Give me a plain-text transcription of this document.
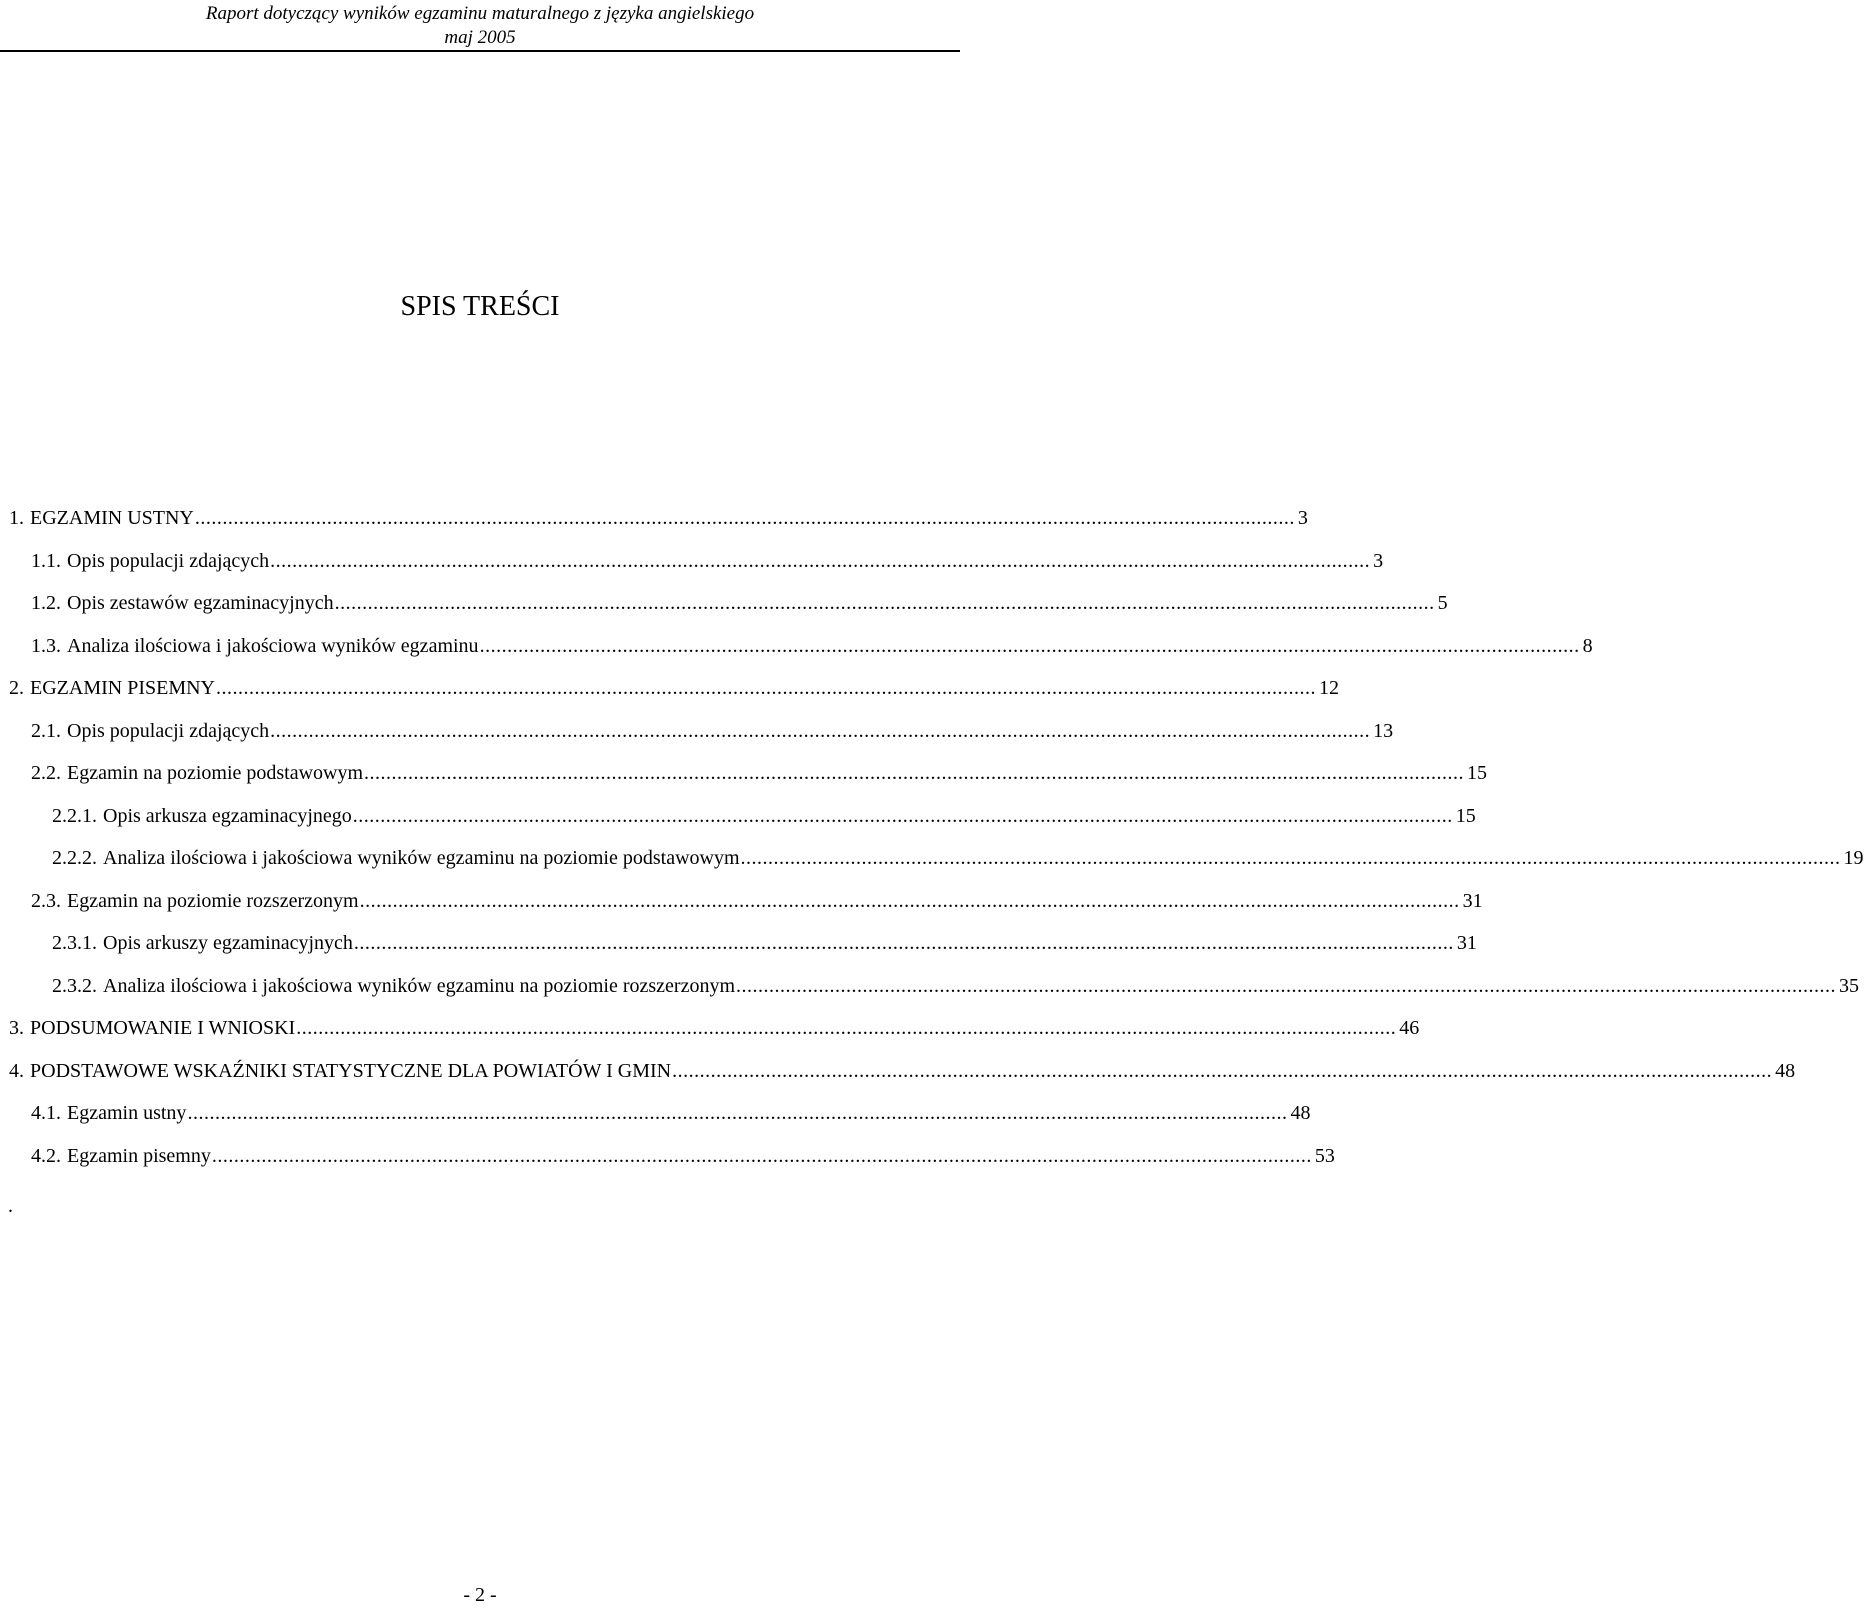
Raport dotyczący wyników egzaminu maturalnego z języka angielskiego
maj 2005
SPIS TREŚCI
1. EGZAMIN USTNY ........................................................................................................................................................................................................ 3
1.1. Opis populacji zdających ........................................................................................................................................................................................................ 3
1.2. Opis zestawów egzaminacyjnych ........................................................................................................................................................................................................ 5
1.3. Analiza ilościowa i jakościowa wyników egzaminu ........................................................................................................................................................................................................ 8
2. EGZAMIN PISEMNY ........................................................................................................................................................................................................ 12
2.1. Opis populacji zdających ........................................................................................................................................................................................................ 13
2.2. Egzamin na poziomie podstawowym ........................................................................................................................................................................................................ 15
2.2.1. Opis arkusza egzaminacyjnego ........................................................................................................................................................................................................ 15
2.2.2. Analiza ilościowa i jakościowa wyników egzaminu na poziomie podstawowym ........................................................................................................................................................................................................ 19
2.3. Egzamin na poziomie rozszerzonym ........................................................................................................................................................................................................ 31
2.3.1. Opis arkuszy egzaminacyjnych ........................................................................................................................................................................................................ 31
2.3.2. Analiza ilościowa i jakościowa wyników egzaminu na poziomie rozszerzonym ........................................................................................................................................................................................................ 35
3. PODSUMOWANIE I WNIOSKI ........................................................................................................................................................................................................ 46
4. PODSTAWOWE WSKAŹNIKI STATYSTYCZNE DLA POWIATÓW I GMIN ........................................................................................................................................................................................................ 48
4.1. Egzamin ustny ........................................................................................................................................................................................................ 48
4.2. Egzamin pisemny ........................................................................................................................................................................................................ 53
.
- 2 -
